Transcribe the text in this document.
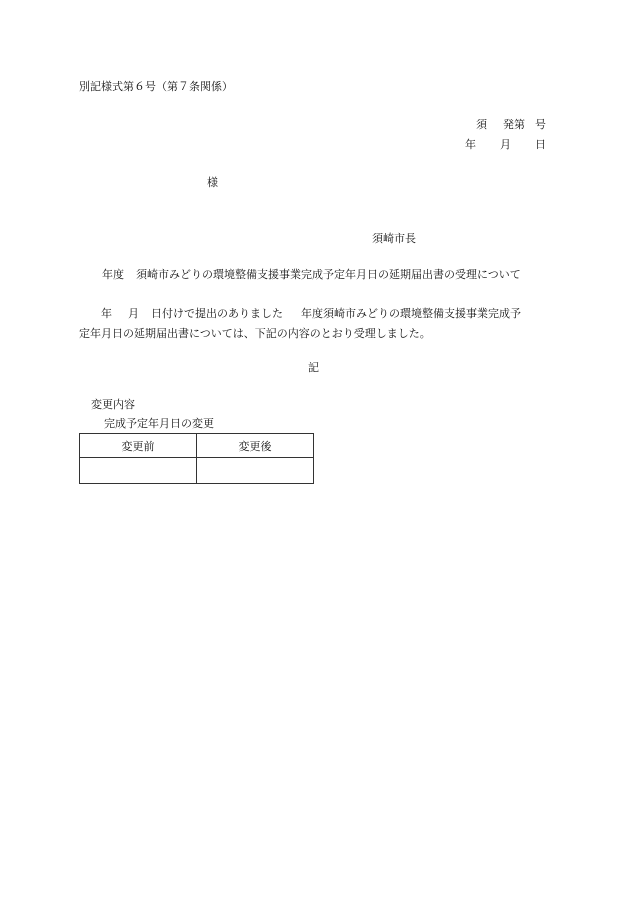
別記様式第６号（第７条関係）
須 発第 号
年 月 日
様
須崎市長
年度 須崎市みどりの環境整備支援事業完成予定年月日の延期届出書の受理について
年 月 日付けで提出のありました 年度須崎市みどりの環境整備支援事業完成予
定年月日の延期届出書については、下記の内容のとおり受理しました。
記
変更内容
完成予定年月日の変更
変更前	変更後
